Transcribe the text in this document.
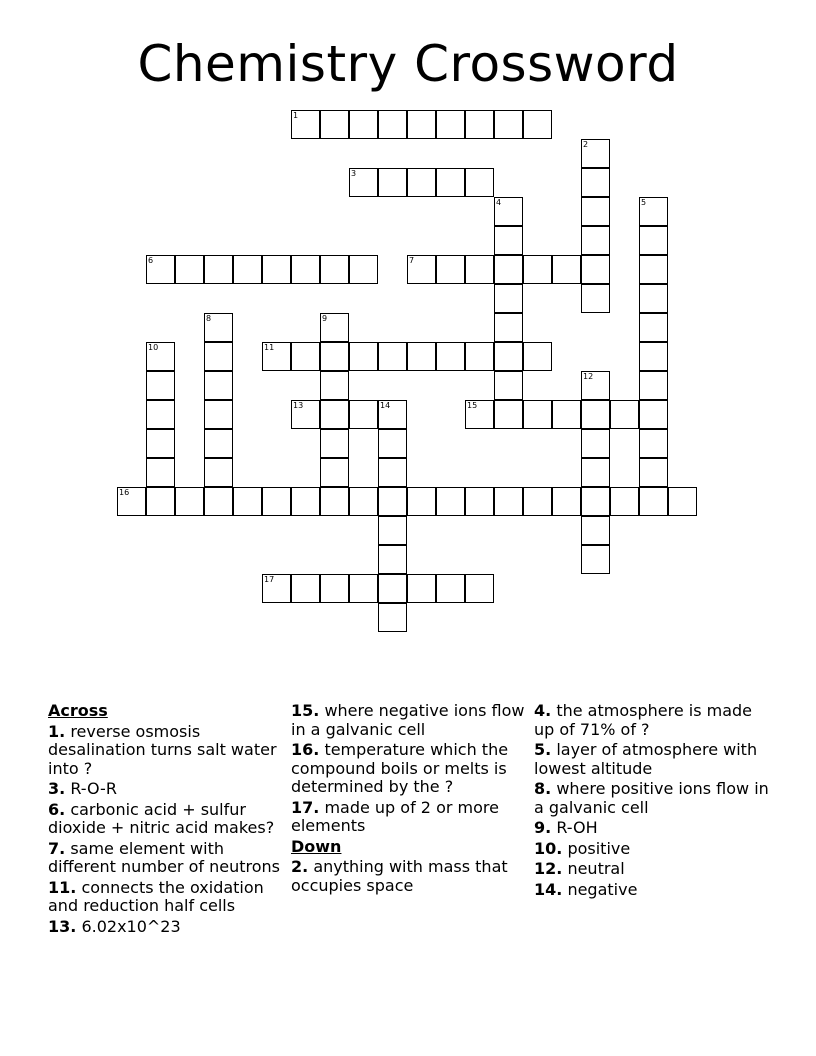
Chemistry Crossword
1
2
3
4	5
6	7
8	9
10	11
12
13	14	15
16
17
Across
1. reverse osmosis desalination turns salt water into ?
3. R-O-R
6. carbonic acid + sulfur dioxide + nitric acid makes?
7. same element with different number of neutrons
11. connects the oxidation and reduction half cells
13. 6.02x10^23
15. where negative ions flow in a galvanic cell
16. temperature which the compound boils or melts is determined by the ?
17. made up of 2 or more elements
Down
2. anything with mass that occupies space
4. the atmosphere is made up of 71% of ?
5. layer of atmosphere with lowest altitude
8. where positive ions flow in a galvanic cell
9. R-OH
10. positive
12. neutral
14. negative
